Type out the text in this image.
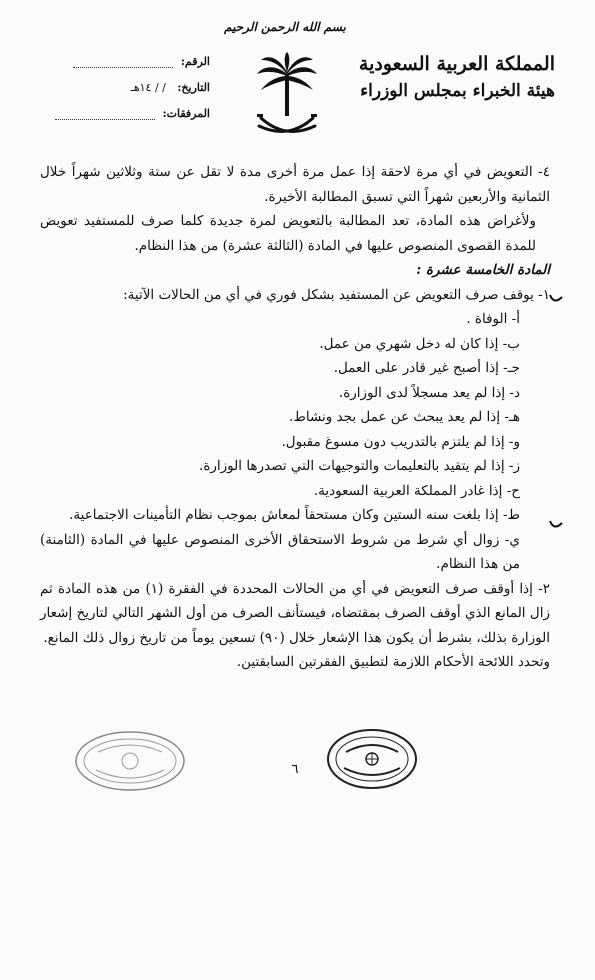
المملكة العربية السعودية
هيئة الخبراء بمجلس الوزراء
بسم الله الرحمن الرحيم
الرقم:
التاريخ: / / ١٤هـ
المرفقات:

٤- التعويض في أي مرة لاحقة إذا عمل مرة أخرى مدة لا تقل عن ستة وثلاثين شهراً خلال الثمانية والأربعين شهراً التي تسبق المطالبة الأخيرة.

ولأغراض هذه المادة، تعد المطالبة بالتعويض لمرة جديدة كلما صرف للمستفيد تعويض للمدة القصوى المنصوص عليها في المادة (الثالثة عشرة) من هذا النظام.

المادة الخامسة عشرة :

١- يوقف صرف التعويض عن المستفيد بشكل فوري في أي من الحالات الآتية:

أ- الوفاة .

ب- إذا كان له دخل شهري من عمل.

جـ- إذا أصبح غير قادر على العمل.

د- إذا لم يعد مسجلاً لدى الوزارة.

هـ- إذا لم يعد يبحث عن عمل بجد ونشاط.

و- إذا لم يلتزم بالتدريب دون مسوغ مقبول.

ز- إذا لم يتقيد بالتعليمات والتوجيهات التي تصدرها الوزارة.

ح- إذا غادر المملكة العربية السعودية.

ط- إذا بلغت سنه الستين وكان مستحقاً لمعاش بموجب نظام التأمينات الاجتماعية.

ي- زوال أي شرط من شروط الاستحقاق الأخرى المنصوص عليها في المادة (الثامنة) من هذا النظام.

٢- إذا أوقف صرف التعويض في أي من الحالات المحددة في الفقرة (١) من هذه المادة ثم زال المانع الذي أوقف الصرف بمقتضاه، فيستأنف الصرف من أول الشهر التالي لتاريخ إشعار الوزارة بذلك، بشرط أن يكون هذا الإشعار خلال (٩٠) تسعين يوماً من تاريخ زوال ذلك المانع.

وتحدد اللائحة الأحكام اللازمة لتطبيق الفقرتين السابقتين.

٦
